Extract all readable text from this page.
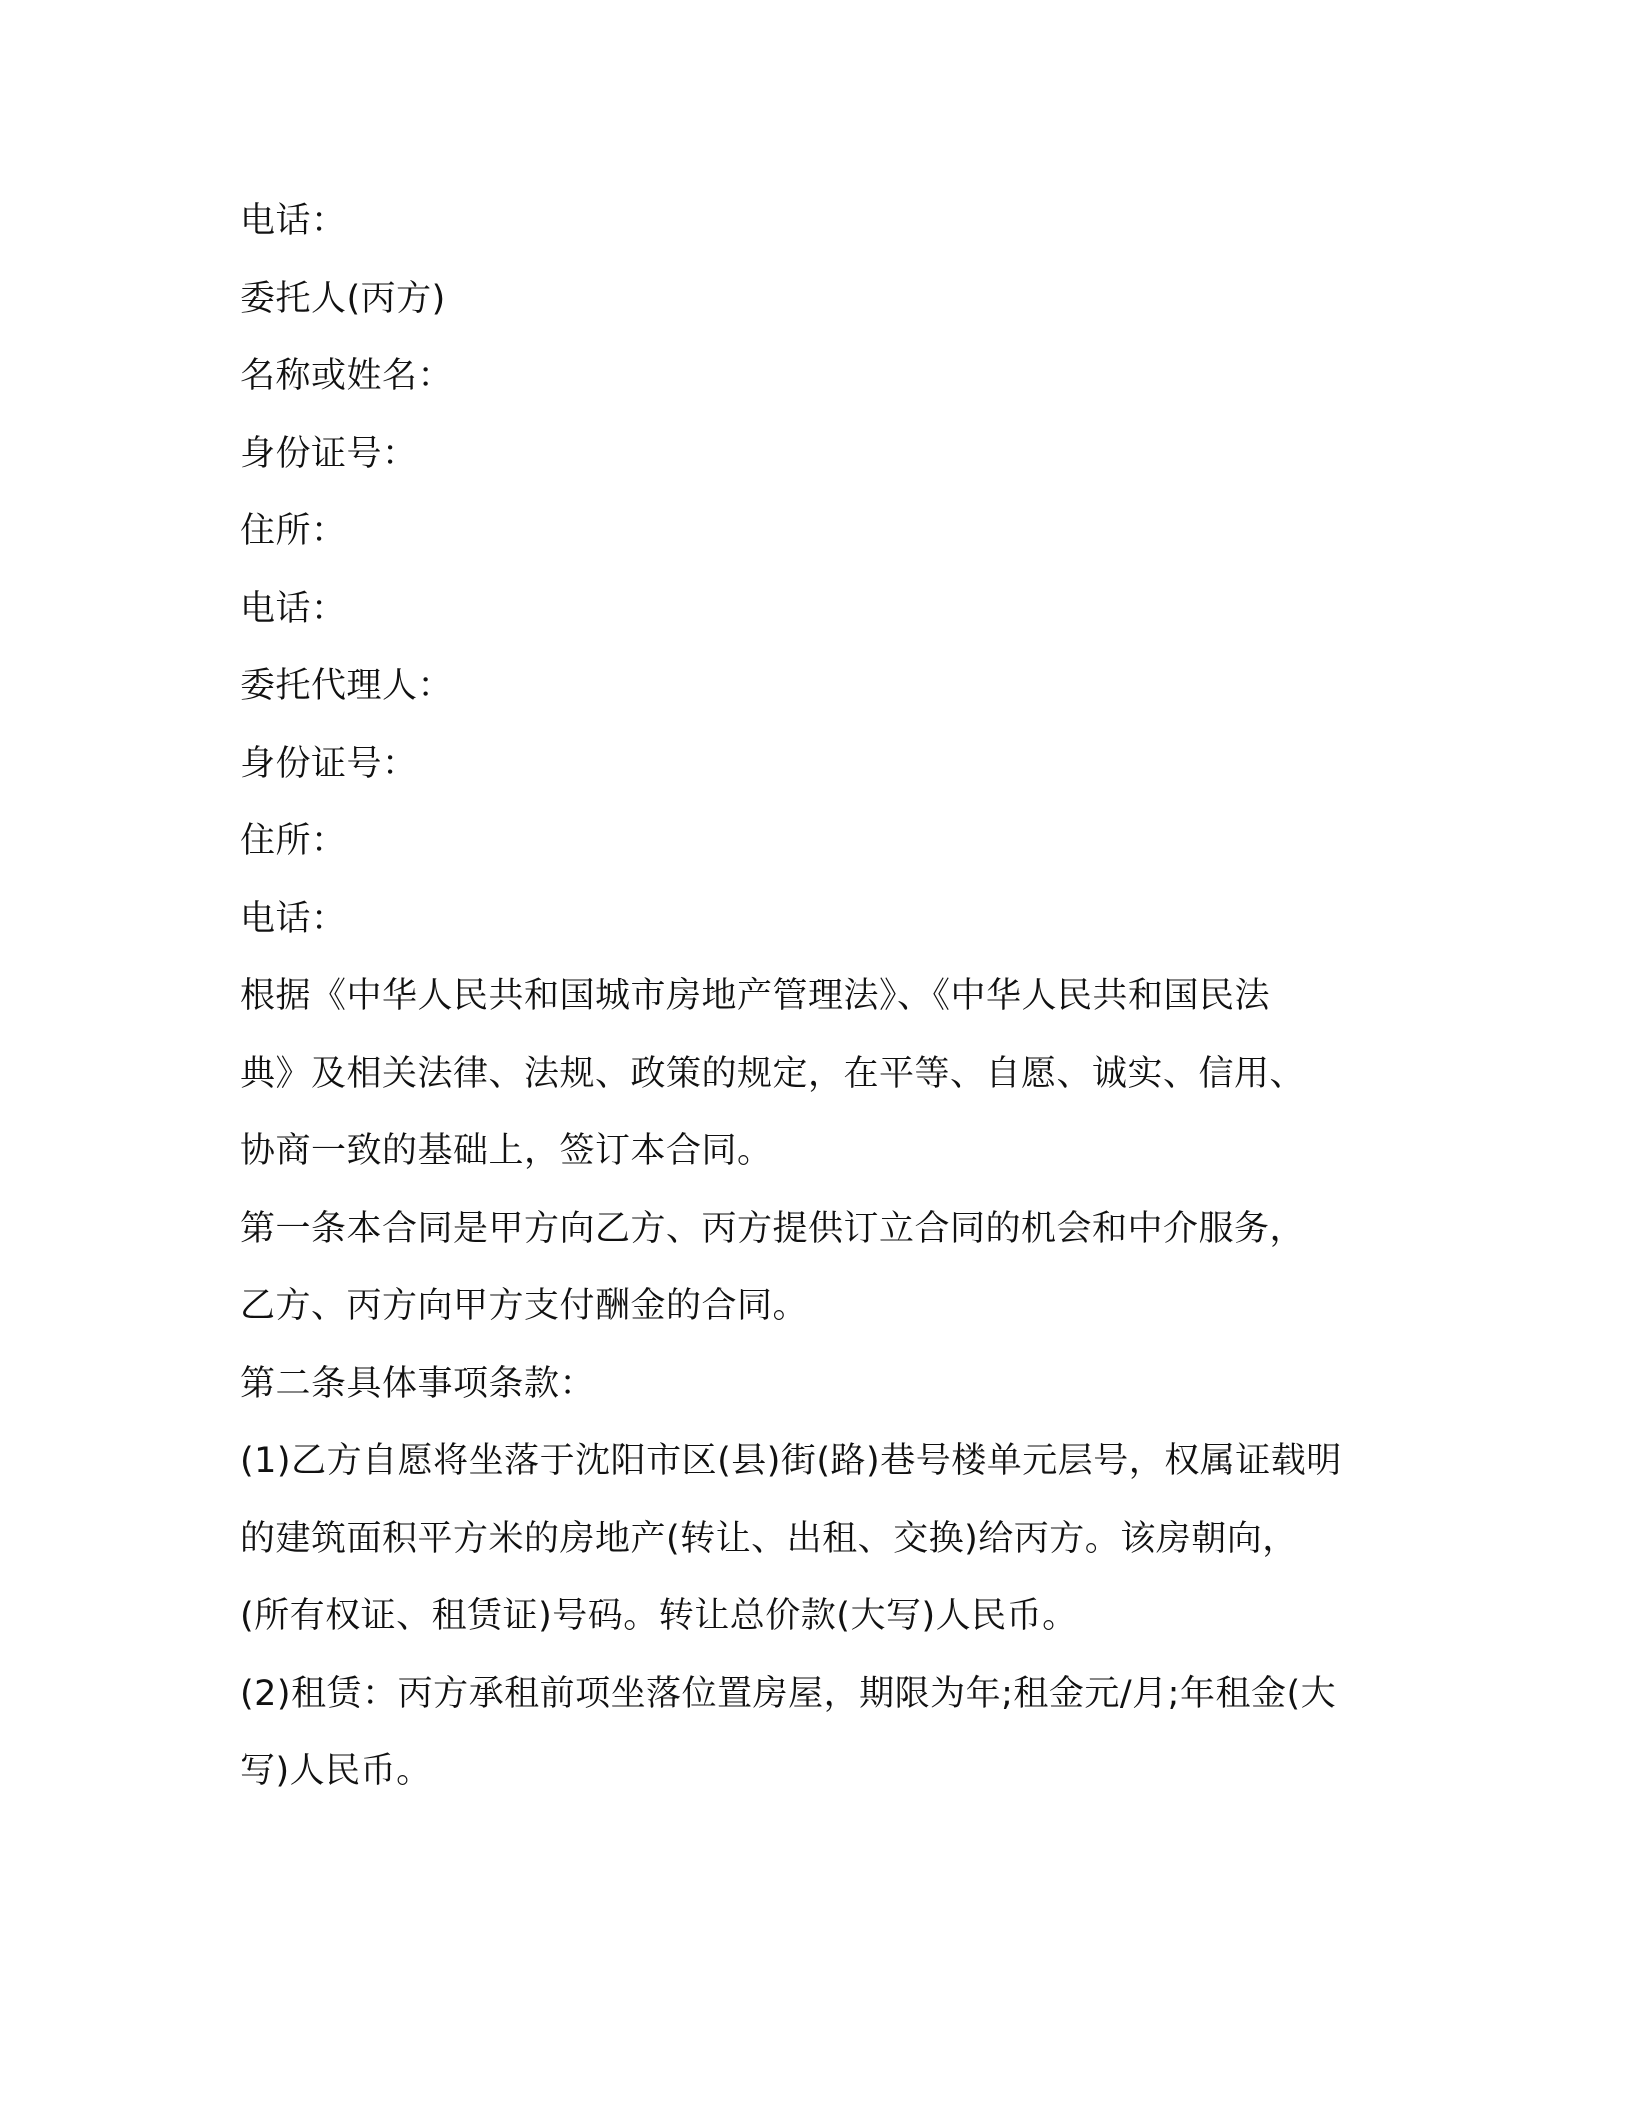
电话：
委托人(丙方)
名称或姓名：
身份证号：
住所：
电话：
委托代理人：
身份证号：
住所：
电话：
根据《中华人民共和国城市房地产管理法》、《中华人民共和国民法
典》及相关法律、法规、政策的规定，在平等、自愿、诚实、信用、
协商一致的基础上，签订本合同。
第一条本合同是甲方向乙方、丙方提供订立合同的机会和中介服务，
乙方、丙方向甲方支付酬金的合同。
第二条具体事项条款：
(1)乙方自愿将坐落于沈阳市区(县)街(路)巷号楼单元层号，权属证载明
的建筑面积平方米的房地产(转让、出租、交换)给丙方。该房朝向，
(所有权证、租赁证)号码。转让总价款(大写)人民币。
(2)租赁：丙方承租前项坐落位置房屋，期限为年;租金元/月;年租金(大
写)人民币。
